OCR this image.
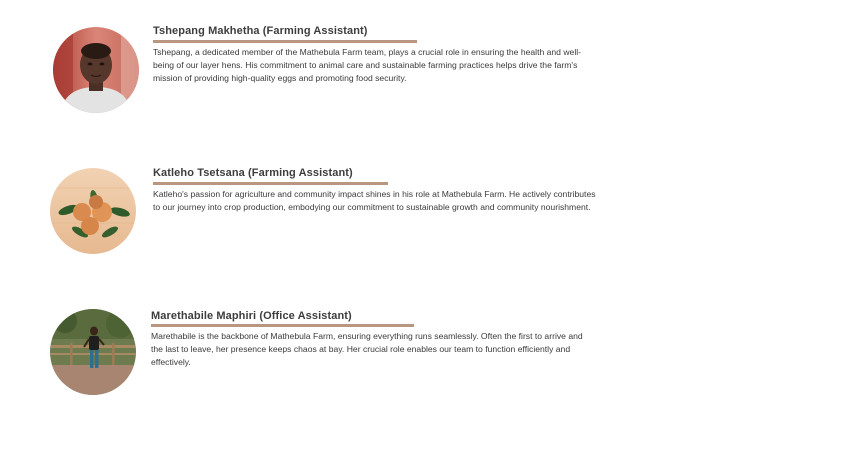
Tshepang Makhetha (Farming Assistant)
Tshepang, a dedicated member of the Mathebula Farm team, plays a crucial role in ensuring the health and well-being of our layer hens. His commitment to animal care and sustainable farming practices helps drive the farm's mission of providing high-quality eggs and promoting food security.
Katleho Tsetsana (Farming Assistant)
Katleho's passion for agriculture and community impact shines in his role at Mathebula Farm. He actively contributes to our journey into crop production, embodying our commitment to sustainable growth and community nourishment.
Marethabile Maphiri (Office Assistant)
Marethabile is the backbone of Mathebula Farm, ensuring everything runs seamlessly. Often the first to arrive and the last to leave, her presence keeps chaos at bay. Her crucial role enables our team to function efficiently and effectively.
